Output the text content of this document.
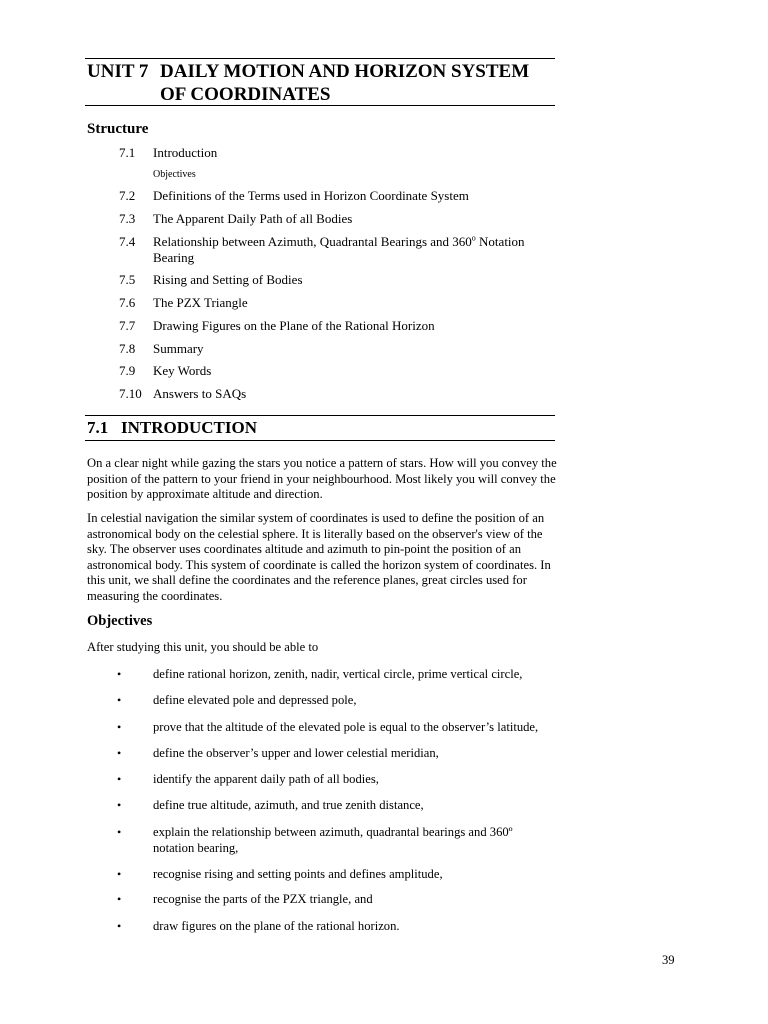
UNIT 7 DAILY MOTION AND HORIZON SYSTEM OF COORDINATES
Structure
7.1	Introduction
Objectives
7.2	Definitions of the Terms used in Horizon Coordinate System
7.3	The Apparent Daily Path of all Bodies
7.4	Relationship between Azimuth, Quadrantal Bearings and 360$^o$ Notation Bearing
7.5	Rising and Setting of Bodies
7.6	The PZX Triangle
7.7	Drawing Figures on the Plane of the Rational Horizon
7.8	Summary
7.9	Key Words
7.10 Answers to SAQs
7.1   INTRODUCTION
On a clear night while gazing the stars you notice a pattern of stars. How will you convey the position of the pattern to your friend in your neighbourhood. Most likely you will convey the position by approximate altitude and direction.
In celestial navigation the similar system of coordinates is used to define the position of an astronomical body on the celestial sphere. It is literally based on the observer's view of the sky. The observer uses coordinates altitude and azimuth to pin-point the position of an astronomical body. This system of coordinate is called the horizon system of coordinates. In this unit, we shall define the coordinates and the reference planes, great circles used for measuring the coordinates.
Objectives
After studying this unit, you should be able to
•	define rational horizon, zenith, nadir, vertical circle, prime vertical circle,
•	define elevated pole and depressed pole,
•	prove that the altitude of the elevated pole is equal to the observer’s latitude,
•	define the observer’s upper and lower celestial meridian,
•	identify the apparent daily path of all bodies,
•	define true altitude, azimuth, and true zenith distance,
•	explain the relationship between azimuth, quadrantal bearings and 360º notation bearing,
•	recognise rising and setting points and defines amplitude,
•	recognise the parts of the PZX triangle, and
•	draw figures on the plane of the rational horizon.
39
